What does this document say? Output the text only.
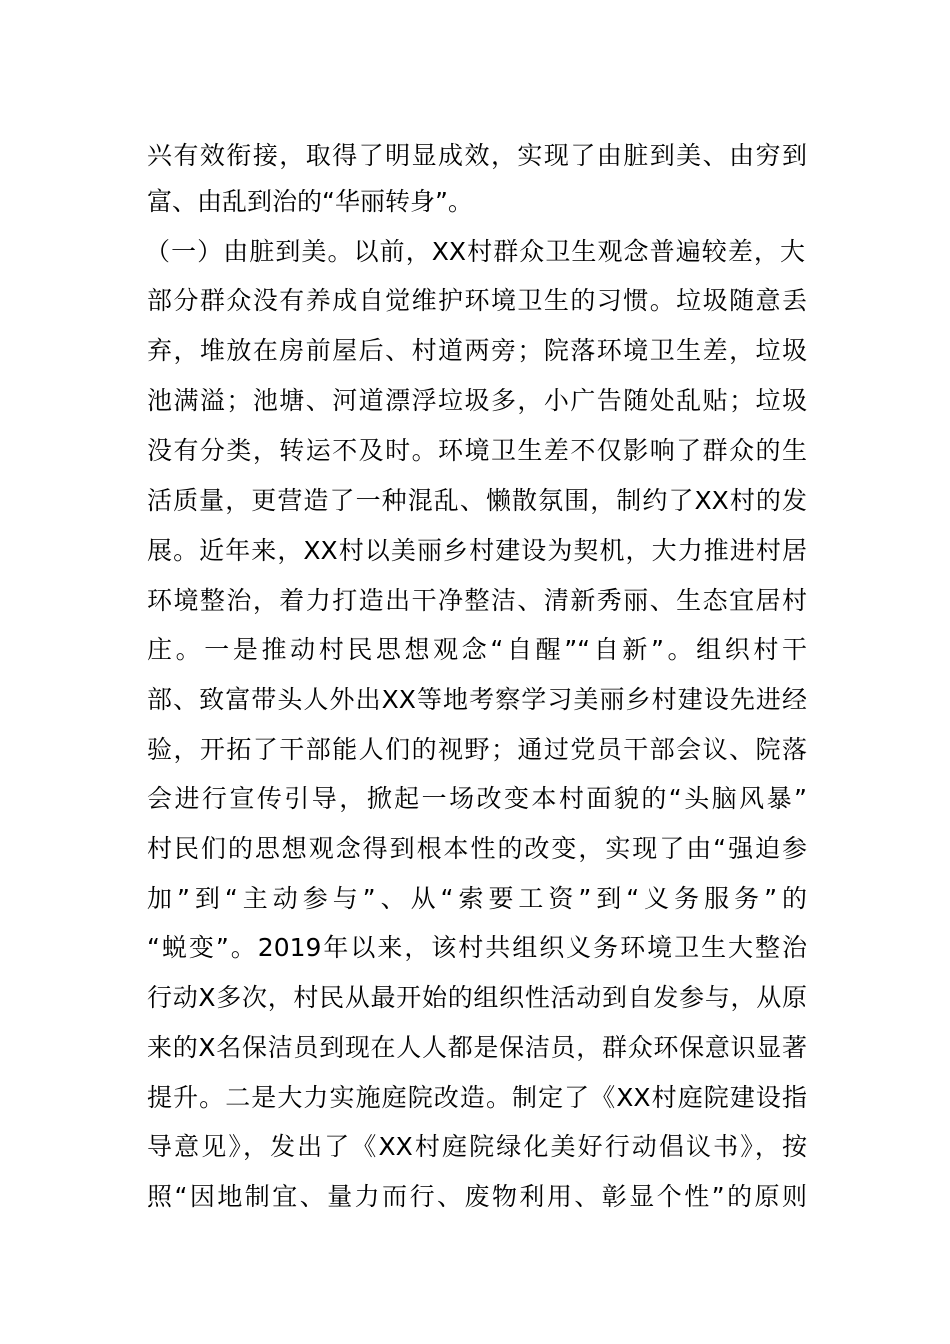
兴有效衔接，取得了明显成效，实现了由脏到美、由穷到
富、由乱到治的“华丽转身”。
（一）由脏到美。以前，XX村群众卫生观念普遍较差，大
部分群众没有养成自觉维护环境卫生的习惯。垃圾随意丢
弃，堆放在房前屋后、村道两旁；院落环境卫生差，垃圾
池满溢；池塘、河道漂浮垃圾多，小广告随处乱贴；垃圾
没有分类，转运不及时。环境卫生差不仅影响了群众的生
活质量，更营造了一种混乱、懒散氛围，制约了XX村的发
展。近年来，XX村以美丽乡村建设为契机，大力推进村居
环境整治，着力打造出干净整洁、清新秀丽、生态宜居村
庄。一是推动村民思想观念“自醒”“自新”。组织村干
部、致富带头人外出XX等地考察学习美丽乡村建设先进经
验，开拓了干部能人们的视野；通过党员干部会议、院落
会进行宣传引导，掀起一场改变本村面貌的“头脑风暴”
村民们的思想观念得到根本性的改变，实现了由“强迫参
加”到“主动参与”、从“索要工资”到“义务服务”的
“蜕变”。2019年以来，该村共组织义务环境卫生大整治
行动X多次，村民从最开始的组织性活动到自发参与，从原
来的X名保洁员到现在人人都是保洁员，群众环保意识显著
提升。二是大力实施庭院改造。制定了《XX村庭院建设指
导意见》，发出了《XX村庭院绿化美好行动倡议书》，按
照“因地制宜、量力而行、废物利用、彰显个性”的原则
